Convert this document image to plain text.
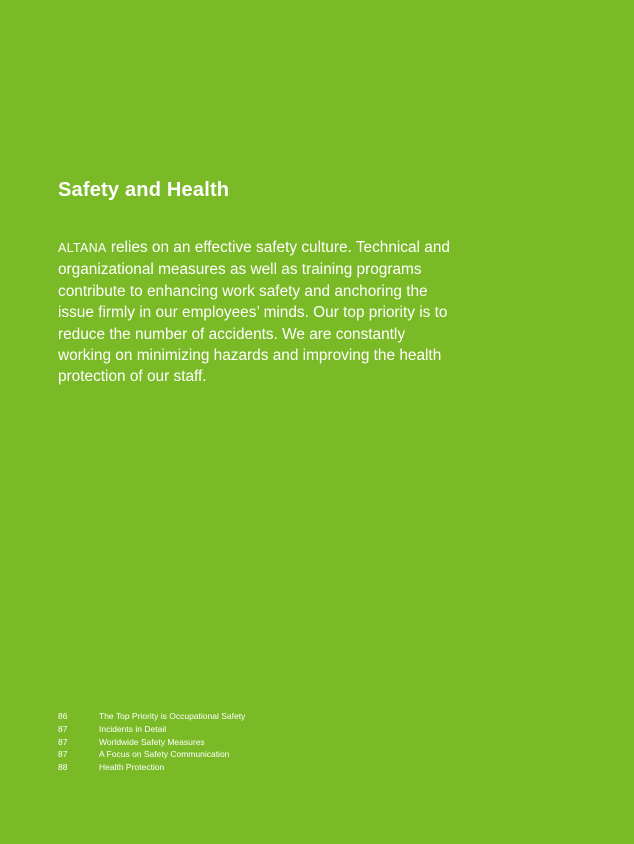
Safety and Health

ALTANA relies on an effective safety culture. Technical and organizational measures as well as training programs contribute to enhancing work safety and anchoring the issue firmly in our employees’ minds. Our top priority is to reduce the number of accidents. We are constantly working on minimizing hazards and improving the health protection of our staff.

86	The Top Priority is Occupational Safety
87	Incidents in Detail
87	Worldwide Safety Measures
87	A Focus on Safety Communication
88	Health Protection
